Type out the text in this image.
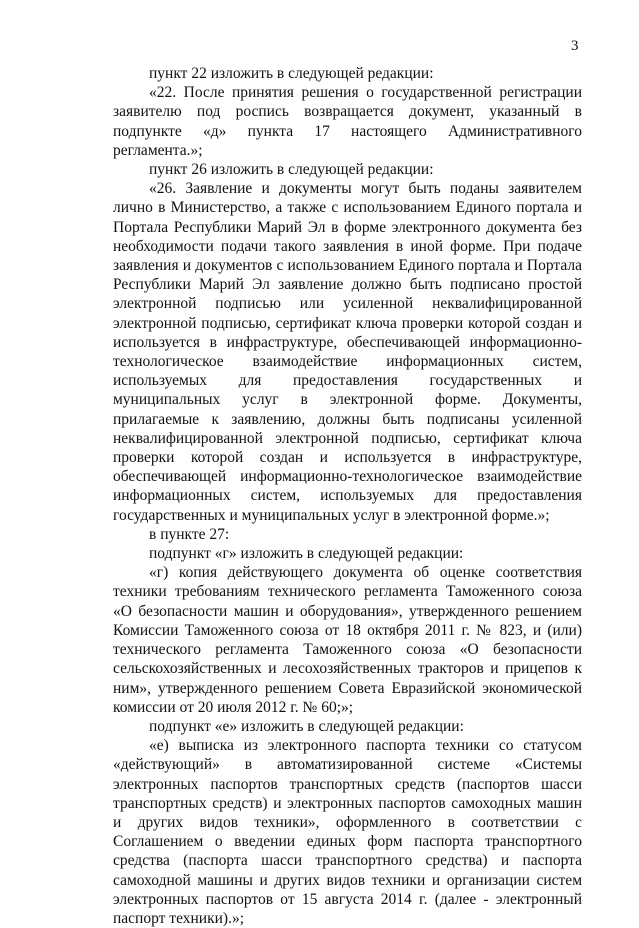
3

пункт 22 изложить в следующей редакции:

«22. После принятия решения о государственной регистрации заявителю под роспись возвращается документ, указанный в подпункте «д» пункта 17 настоящего Административного регламента.»;

пункт 26 изложить в следующей редакции:

«26. Заявление и документы могут быть поданы заявителем лично в Министерство, а также с использованием Единого портала и Портала Республики Марий Эл в форме электронного документа без необходимости подачи такого заявления в иной форме. При подаче заявления и документов с использованием Единого портала и Портала Республики Марий Эл заявление должно быть подписано простой электронной подписью или усиленной неквалифицированной электронной подписью, сертификат ключа проверки которой создан и используется в инфраструктуре, обеспечивающей информационно-технологическое взаимодействие информационных систем, используемых для предоставления государственных и муниципальных услуг в электронной форме. Документы, прилагаемые к заявлению, должны быть подписаны усиленной неквалифицированной электронной подписью, сертификат ключа проверки которой создан и используется в инфраструктуре, обеспечивающей информационно-технологическое взаимодействие информационных систем, используемых для предоставления государственных и муниципальных услуг в электронной форме.»;

в пункте 27:

подпункт «г» изложить в следующей редакции:

«г) копия действующего документа об оценке соответствия техники требованиям технического регламента Таможенного союза «О безопасности машин и оборудования», утвержденного решением Комиссии Таможенного союза от 18 октября 2011 г. № 823, и (или) технического регламента Таможенного союза «О безопасности сельскохозяйственных и лесохозяйственных тракторов и прицепов к ним», утвержденного решением Совета Евразийской экономической комиссии от 20 июля 2012 г. № 60;»;

подпункт «е» изложить в следующей редакции:

«е) выписка из электронного паспорта техники со статусом «действующий» в автоматизированной системе «Системы электронных паспортов транспортных средств (паспортов шасси транспортных средств) и электронных паспортов самоходных машин и других видов техники», оформленного в соответствии с Соглашением о введении единых форм паспорта транспортного средства (паспорта шасси транспортного средства) и паспорта самоходной машины и других видов техники и организации систем электронных паспортов от 15 августа 2014 г. (далее - электронный паспорт техники).»;
